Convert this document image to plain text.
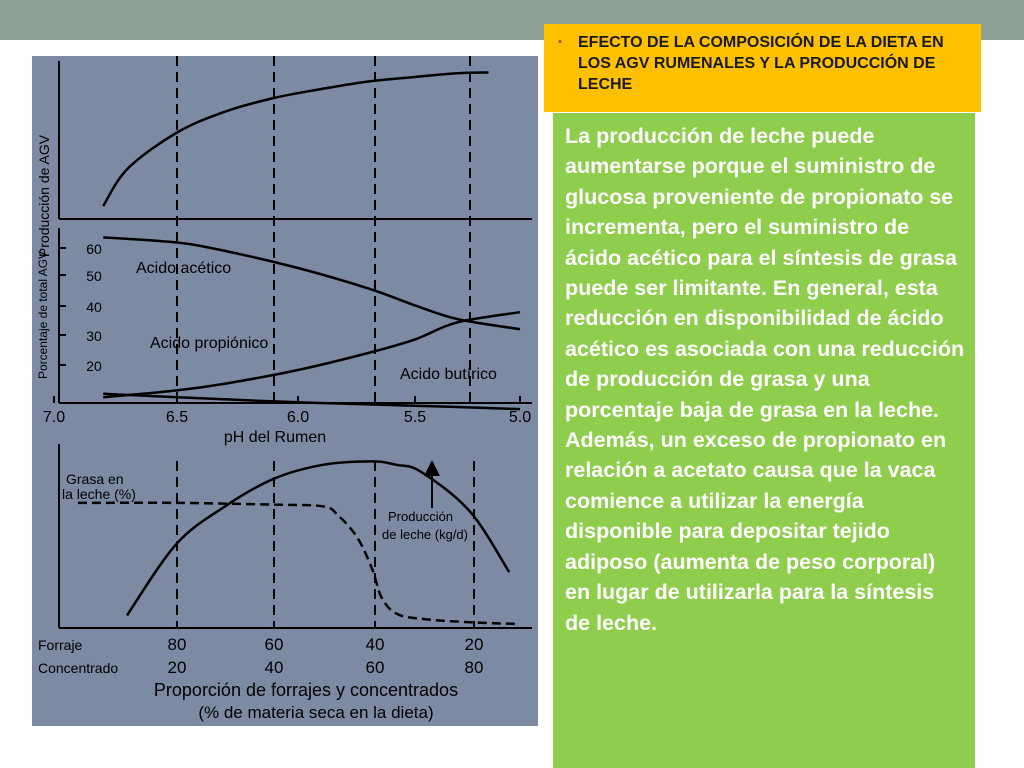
Producción de AGV
Porcentaje de total AGV
60
50
40
30
20
Acido acético
Acido propiónico
Acido butírico
7.0	6.5	6.0	5.5	5.0
pH del Rumen
Grasa en
la leche (%)
Producción
de leche (kg/d)
Forraje	80	60	40	20
Concentrado	20	40	60	80
Proporción de forrajes y concentrados
(% de materia seca en la dieta)
• EFECTO DE LA COMPOSICIÓN DE LA DIETA EN LOS AGV RUMENALES Y LA PRODUCCIÓN DE LECHE

La producción de leche puede aumentarse porque el suministro de glucosa proveniente de propionato se incrementa, pero el suministro de ácido acético para el síntesis de grasa puede ser limitante. En general, esta reducción en disponibilidad de ácido acético es asociada con una reducción de producción de grasa y una porcentaje baja de grasa en la leche.

Además, un exceso de propionato en relación a acetato causa que la vaca comience a utilizar la energía disponible para depositar tejido adiposo (aumenta de peso corporal) en lugar de utilizarla para la síntesis de leche.
